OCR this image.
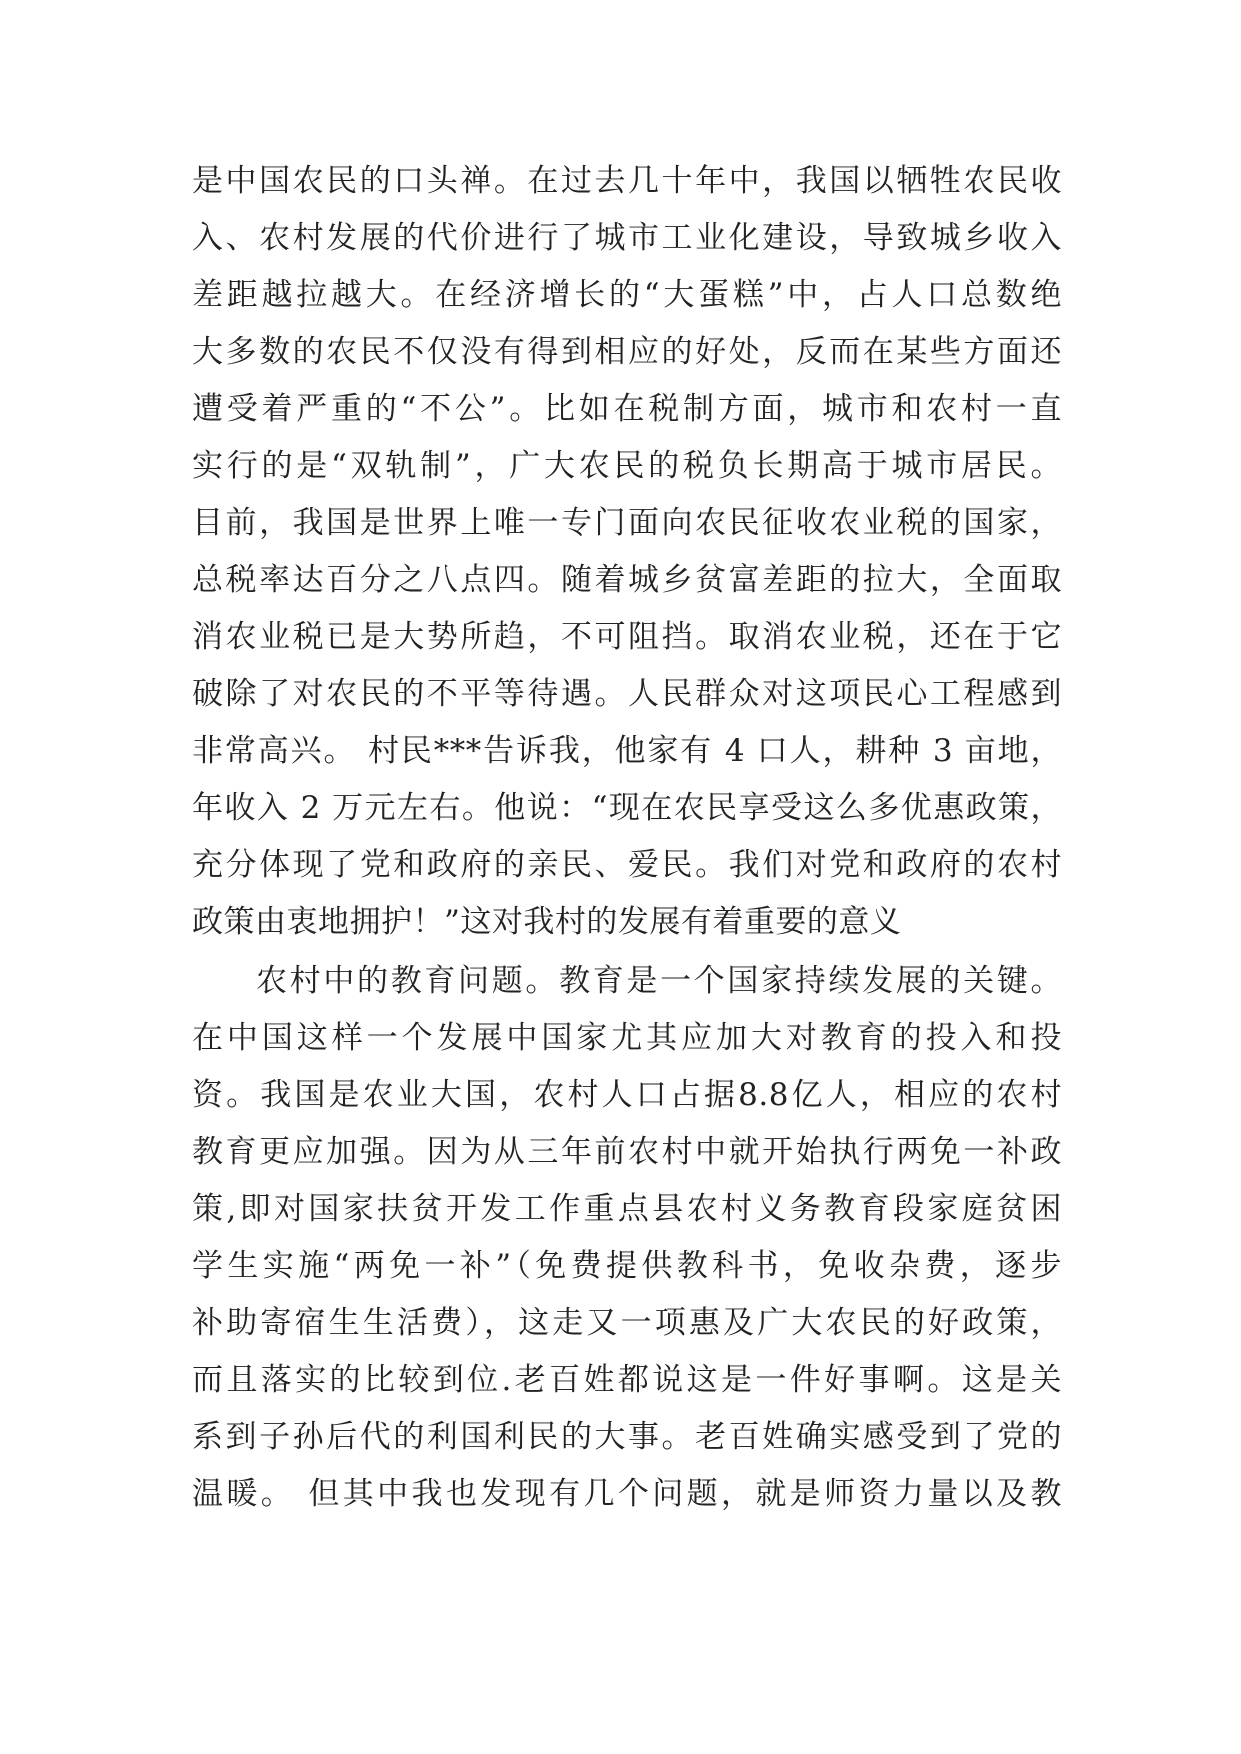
是中国农民的口头禅。在过去几十年中，我国以牺牲农民收
入、农村发展的代价进行了城市工业化建设，导致城乡收入
差距越拉越大。在经济增长的“大蛋糕”中，占人口总数绝
大多数的农民不仅没有得到相应的好处，反而在某些方面还
遭受着严重的“不公”。比如在税制方面，城市和农村一直
实行的是“双轨制”，广大农民的税负长期高于城市居民。
目前，我国是世界上唯一专门面向农民征收农业税的国家，
总税率达百分之八点四。随着城乡贫富差距的拉大，全面取
消农业税已是大势所趋，不可阻挡。取消农业税，还在于它
破除了对农民的不平等待遇。人民群众对这项民心工程感到
非常高兴。 村民***告诉我，他家有 4 口人，耕种 3 亩地，
年收入 2 万元左右。他说：“现在农民享受这么多优惠政策，
充分体现了党和政府的亲民、爱民。我们对党和政府的农村
政策由衷地拥护！”这对我村的发展有着重要的意义
农村中的教育问题。教育是一个国家持续发展的关键。
在中国这样一个发展中国家尤其应加大对教育的投入和投
资。我国是农业大国，农村人口占据8.8亿人，相应的农村
教育更应加强。因为从三年前农村中就开始执行两免一补政
策,即对国家扶贫开发工作重点县农村义务教育段家庭贫困
学生实施“两免一补”（免费提供教科书，免收杂费，逐步
补助寄宿生生活费），这走又一项惠及广大农民的好政策，
而且落实的比较到位.老百姓都说这是一件好事啊。这是关
系到子孙后代的利国利民的大事。老百姓确实感受到了党的
温暖。 但其中我也发现有几个问题，就是师资力量以及教
